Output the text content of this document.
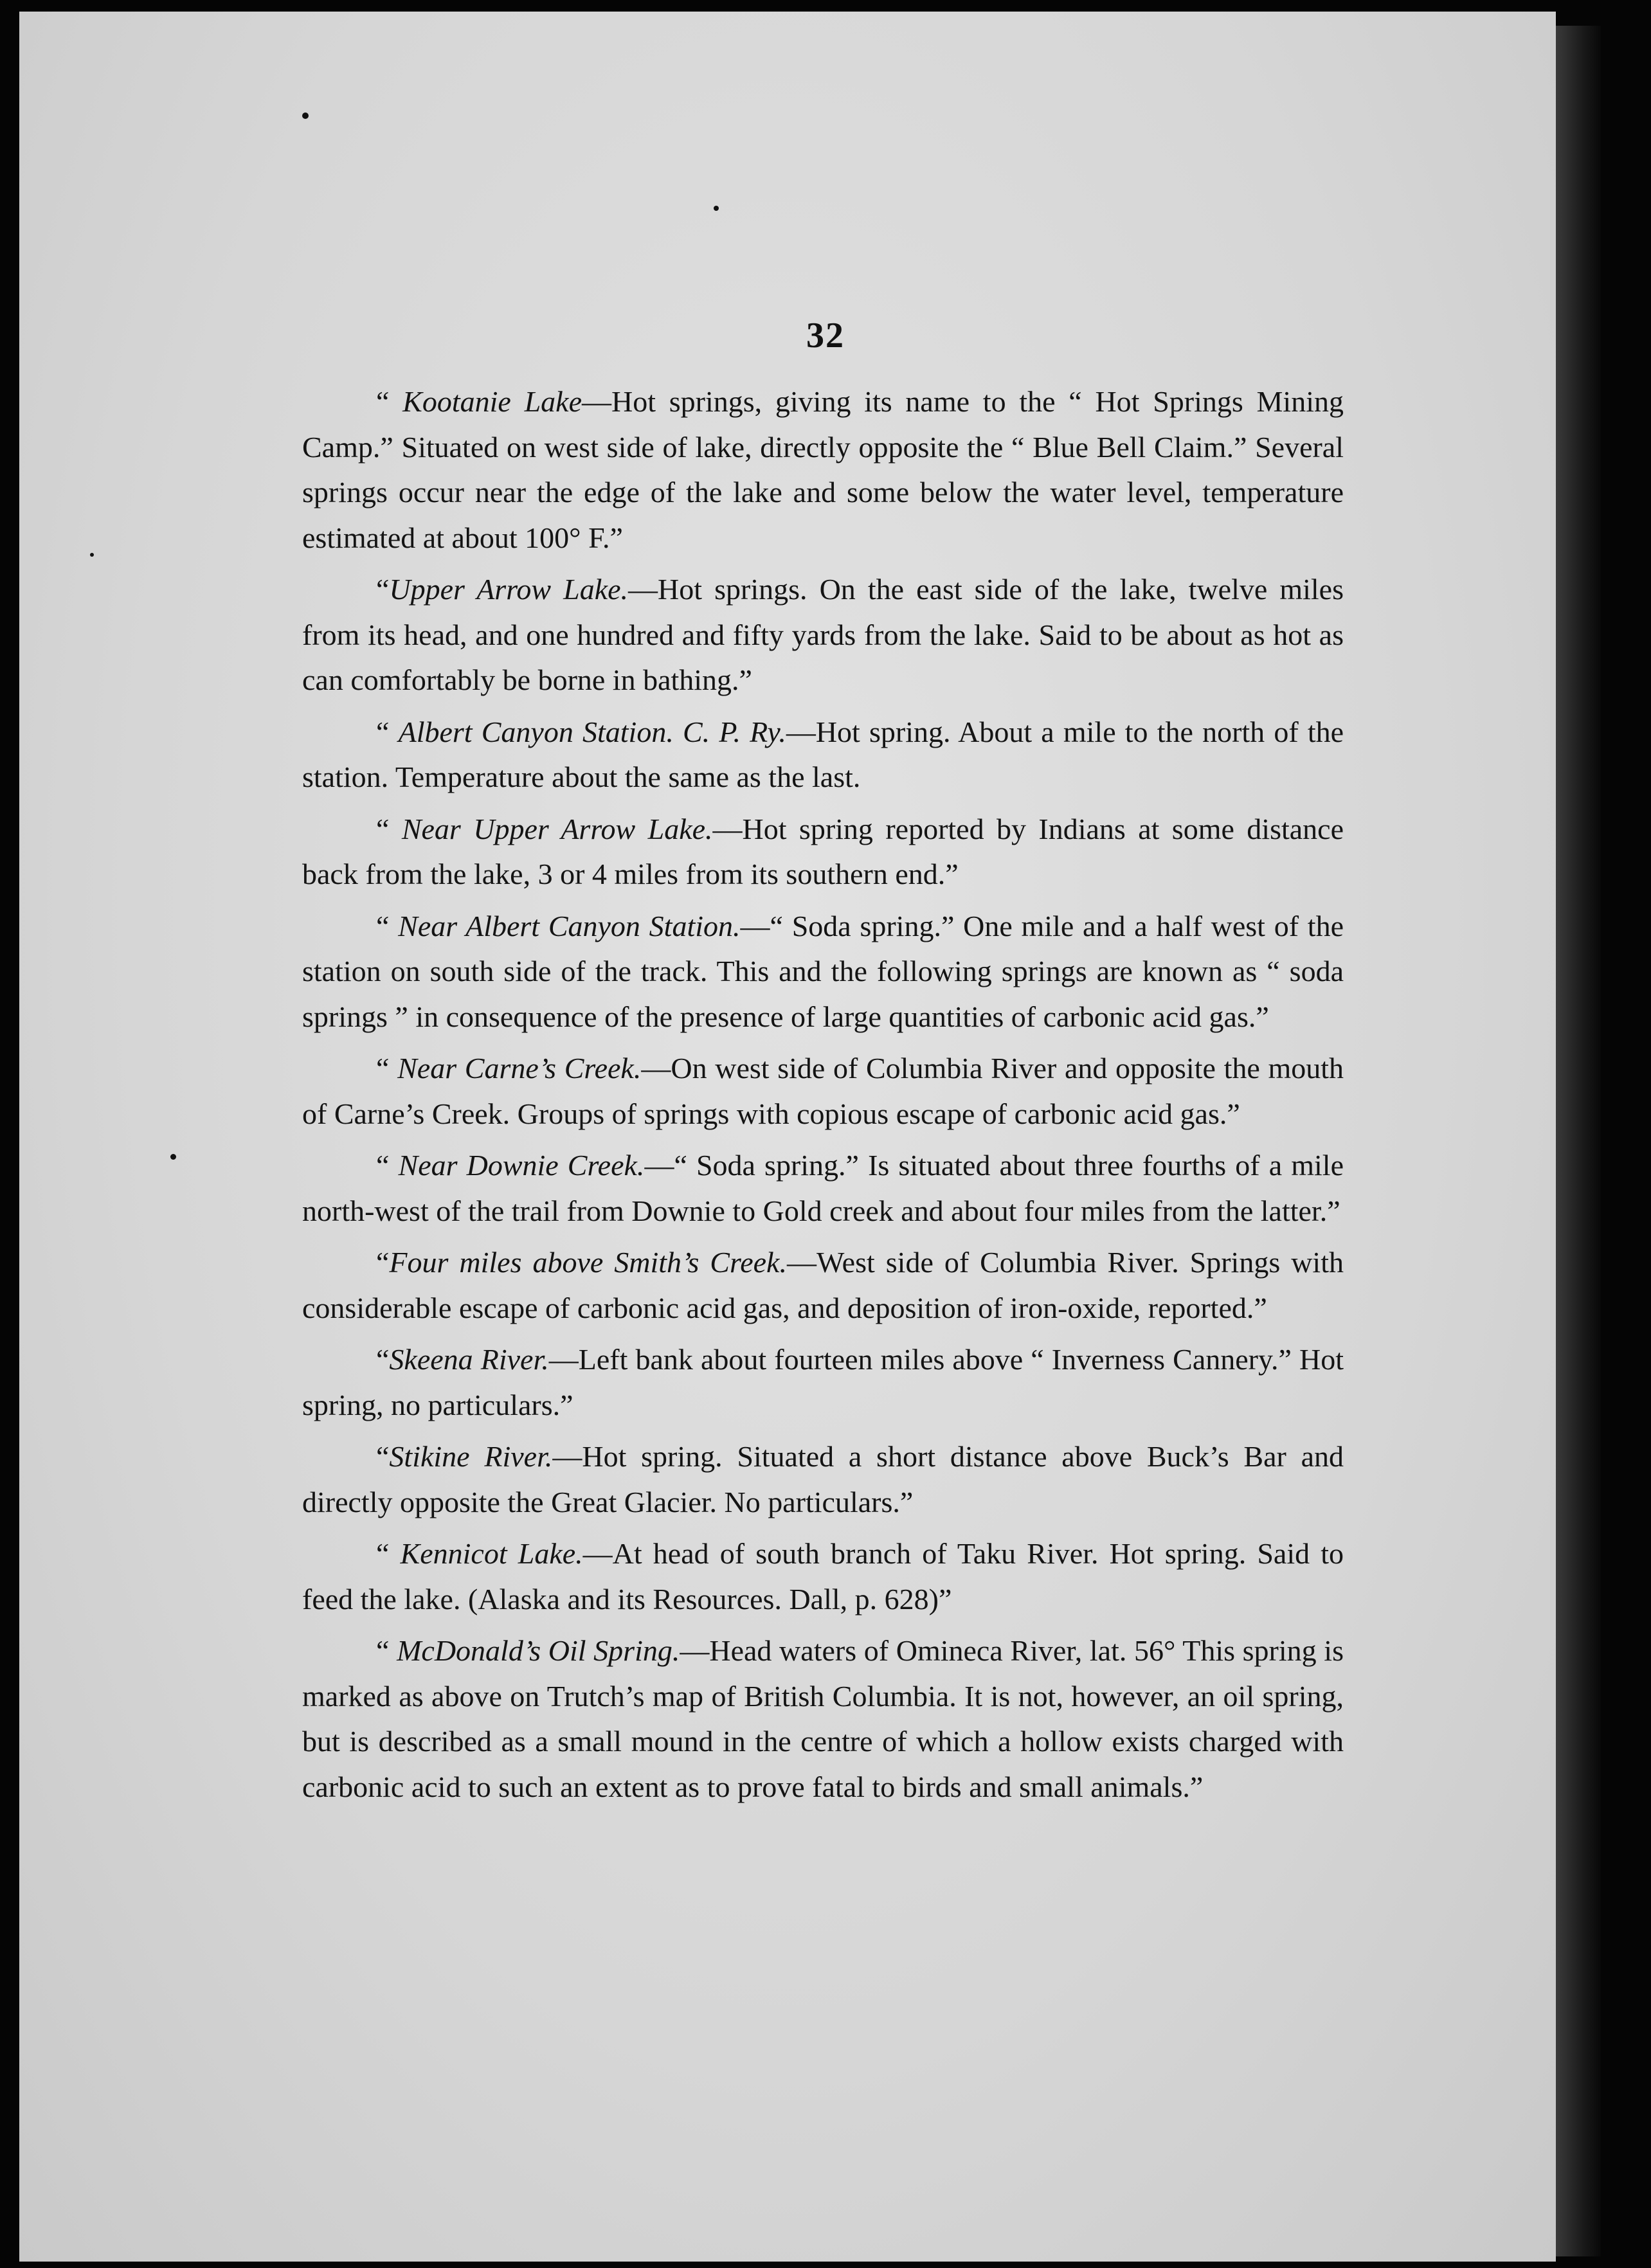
32

“ Kootanie Lake—Hot springs, giving its name to the “ Hot Springs Mining Camp.” Situated on west side of lake, directly opposite the “ Blue Bell Claim.” Several springs occur near the edge of the lake and some below the water level, temperature estimated at about 100° F.”

“Upper Arrow Lake.—Hot springs. On the east side of the lake, twelve miles from its head, and one hundred and fifty yards from the lake. Said to be about as hot as can comfortably be borne in bathing.”

“ Albert Canyon Station. C. P. Ry.—Hot spring. About a mile to the north of the station. Temperature about the same as the last.

“ Near Upper Arrow Lake.—Hot spring reported by Indians at some distance back from the lake, 3 or 4 miles from its southern end.”

“ Near Albert Canyon Station.—“ Soda spring.” One mile and a half west of the station on south side of the track. This and the following springs are known as “ soda springs ” in consequence of the presence of large quantities of carbonic acid gas.”

“ Near Carne’s Creek.—On west side of Columbia River and opposite the mouth of Carne’s Creek. Groups of springs with copious escape of carbonic acid gas.”

“ Near Downie Creek.—“ Soda spring.” Is situated about three fourths of a mile north-west of the trail from Downie to Gold creek and about four miles from the latter.”

“Four miles above Smith’s Creek.—West side of Columbia River. Springs with considerable escape of carbonic acid gas, and deposition of iron-oxide, reported.”

“Skeena River.—Left bank about fourteen miles above “ Inverness Cannery.” Hot spring, no particulars.”

“Stikine River.—Hot spring. Situated a short distance above Buck’s Bar and directly opposite the Great Glacier. No particulars.”

“ Kennicot Lake.—At head of south branch of Taku River. Hot spring. Said to feed the lake. (Alaska and its Resources. Dall, p. 628)”

“ McDonald’s Oil Spring.—Head waters of Omineca River, lat. 56° This spring is marked as above on Trutch’s map of British Columbia. It is not, however, an oil spring, but is described as a small mound in the centre of which a hollow exists charged with carbonic acid to such an extent as to prove fatal to birds and small animals.”
